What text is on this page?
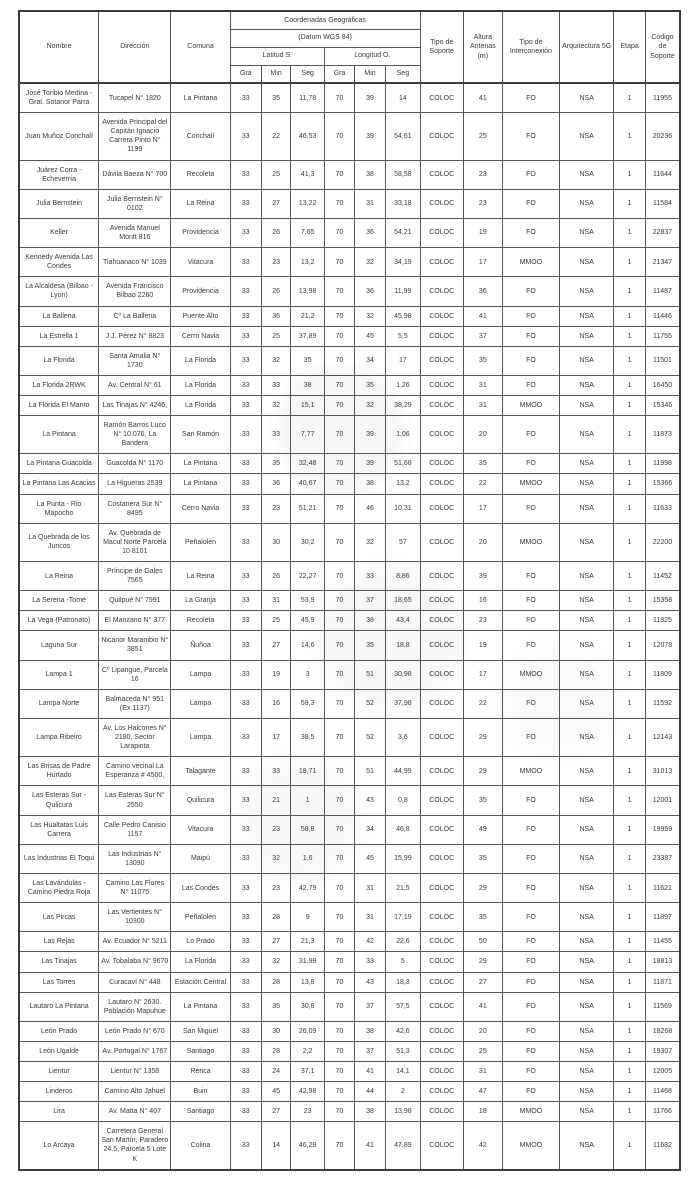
Nombre	Dirección	Comuna	Coordenadas Geográficas						Tipo de Soporte	Altura Antenas (m)	Tipo de Interconexión	Arquitectura 5G	Etapa	Código de Soporte
			(Datum WGS 84)											
			Latitud S.			Longitud O.								
			Gra	Min	Seg	Gra	Min	Seg						
José Toribio Medina - Gral. Sotanor Parra	Tucapel N° 1820	La Pintana	33	35	11,78	70	39	14	COLOC	41	FO	NSA	1	11955
Juan Muñoz Conchalí	Avenida Principal del Capitán Ignacio Carrera Pinto N° 1199	Conchalí	33	22	46,53	70	39	54,61	COLOC	25	FO	NSA	1	20236
Juárez Corra - Echeverría	Dávila Baeza N° 700	Recoleta	33	25	41,3	70	38	58,58	COLOC	23	FO	NSA	1	11644
Julia Bernstein	Julia Bernstein N° 0102	La Reina	33	27	13,22	70	31	33,18	COLOC	23	FO	NSA	1	11584
Keller	Avenida Manuel Montt 816	Providencia	33	26	7,65	70	36	54,21	COLOC	19	FO	NSA	1	22837
Kennedy Avenida Las Condes	Tiahuanaco N° 1039	Vitacura	33	23	13,2	70	32	34,19	COLOC	17	MMOO	NSA	1	21347
La Alcaldesa (Bilbao - Lyon)	Avenida Francisco Bilbao 2260	Providencia	33	26	13,98	70	36	11,99	COLOC	36	FO	NSA	1	11487
La Ballena	Cº La Ballena	Puente Alto	33	36	21,2	70	32	45,98	COLOC	41	FO	NSA	1	11446
La Estrella 1	J.J. Pérez N° 8823	Cerro Navia	33	25	37,89	70	45	5,5	COLOC	37	FO	NSA	1	11755
La Florida	Santa Amalia N° 1730	La Florida	33	32	35	70	34	17	COLOC	35	FO	NSA	1	11501
La Florida 2RWK	Av. Central N° 61	La Florida	33	33	38	70	35	1,26	COLOC	31	FO	NSA	1	16450
La Florida El Manto	Las Tinajas N° 4246,	La Florida	33	32	15,1	70	32	38,29	COLOC	31	MMOO	NSA	1	15346
La Pintana	Ramón Barros Luco N° 10.076, La Bandera	San Ramón	33	33	7,77	70	39	1,06	COLOC	20	FO	NSA	1	11873
La Pintana Guacolda	Guacolda N° 1170	La Pintana	33	35	32,48	70	39	51,68	COLOC	35	FO	NSA	1	11998
La Pintana Las Acacias	La Higueras 2539	La Pintana	33	36	40,67	70	38	13,2	COLOC	22	MMOO	NSA	1	15366
La Punta - Rio Mapocho	Costanera Sur N° 8495	Cerro Navia	33	23	51,21	70	46	10,31	COLOC	17	FO	NSA	1	11633
La Quebrada de los Juncos	Av. Quebrada de Macul Norte Parcela 10 8101	Peñalolén	33	30	30,2	70	32	57	COLOC	20	MMOO	NSA	1	22200
La Reina	Príncipe de Gales 7565	La Reina	33	26	22,27	70	33	8,86	COLOC	39	FO	NSA	1	11452
La Serena -Tomé	Quilpué N° 7991	La Granja	33	31	53,9	70	37	18,65	COLOC	16	FO	NSA	1	15358
La Vega (Patronato)	El Manzano N° 377	Recoleta	33	25	45,9	70	38	43,4	COLOC	23	FO	NSA	1	11825
Laguna Sur	Nicanor Marambio N° 3851	Ñuñoa	33	27	14,6	70	35	18,8	COLOC	19	FO	NSA	1	12078
Lampa 1	Cº Lipangue, Parcela 16	Lampa	33	19	3	70	51	30,98	COLOC	17	MMOO	NSA	1	11809
Lampa Norte	Balmaceda N° 951 (Ex 1137)	Lampa	33	16	59,3	70	52	37,98	COLOC	22	FO	NSA	1	11592
Lampa Ribeiro	Av. Los Halcones N° 2180, Sector Larapinta	Lampa	33	17	38,5	70	52	3,6	COLOC	29	FO	NSA	1	12143
Las Brisas de Padre Hurtado	Camino vecinal La Esperanza # 4500,	Talagante	33	33	18,71	70	51	44,99	COLOC	29	MMOO	NSA	1	31013
Las Esteras Sur - Qulicura	Las Esteras Sur N° 2550	Quilicura	33	21	1	70	43	0,8	COLOC	35	FO	NSA	1	12001
Las Hualtatas Luis Carrera	Calle Pedro Canisio 1157	Vitacura	33	23	58,8	70	34	46,8	COLOC	49	FO	NSA	1	19959
Las Industrias El Toqui	Las Industrias N° 13090	Maipú	33	32	1,6	70	45	15,99	COLOC	35	FO	NSA	1	23387
Las Lavándulas - Camino Piedra Roja	Camino Las Flores N° 11075	Las Condes	33	23	42,79	70	31	21,5	COLOC	29	FO	NSA	1	11621
Las Pircas	Las Vertientes N° 10300	Peñalolén	33	28	9	70	31	17,19	COLOC	35	FO	NSA	1	11897
Las Rejas	Av. Ecuador N° 5211	Lo Prado	33	27	21,3	70	42	22,6	COLOC	50	FO	NSA	1	11455
Las Tinajas	Av. Tobalaba N° 9670	La Florida	33	32	31,99	70	33	5	COLOC	29	FO	NSA	1	18813
Las Torres	Curacaví N° 448	Estación Central	33	28	13,8	70	43	18,3	COLOC	27	FO	NSA	1	11871
Lautaro La Pintana	Lautaro N° 2630. Población Mapuhue	La Pintana	33	35	30,8	70	37	57,5	COLOC	41	FO	NSA	1	11569
León Prado	León Prado N° 670	San Miguel	33	30	26,09	70	38	42,6	COLOC	20	FO	NSA	1	18268
León Ugalde	Av. Portugal N° 1767	Santiago	33	28	2,2	70	37	51,3	COLOC	25	FO	NSA	1	19307
Lientur	Lientur N° 1358	Renca	33	24	37,1	70	41	14,1	COLOC	31	FO	NSA	1	12005
Linderos	Camino Alto Jahuel	Buin	33	45	42,98	70	44	2	COLOC	47	FO	NSA	1	11468
Lira	Av. Matta N° 407	Santiago	33	27	23	70	38	13,98	COLOC	18	MMOO	NSA	1	11766
Lo Arcaya	Carretera General San Martín, Paradero 24.5, Parcela 5 Lote K	Colina	33	14	46,29	70	41	47,89	COLOC	42	MMOO	NSA	1	11682
